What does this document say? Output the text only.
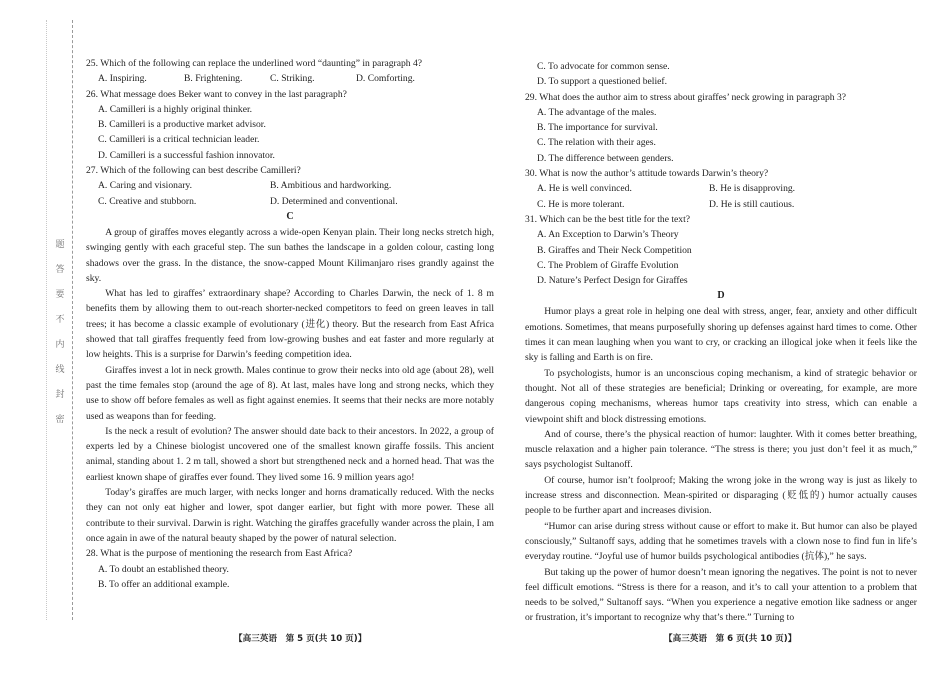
题
答
要
不
内
线
封
密
25. Which of the following can replace the underlined word “daunting” in paragraph 4?
A. Inspiring.	B. Frightening.	C. Striking.	D. Comforting.
26. What message does Beker want to convey in the last paragraph?
A. Camilleri is a highly original thinker.
B. Camilleri is a productive market advisor.
C. Camilleri is a critical technician leader.
D. Camilleri is a successful fashion innovator.
27. Which of the following can best describe Camilleri?
A. Caring and visionary.	B. Ambitious and hardworking.
C. Creative and stubborn.	D. Determined and conventional.
C
A group of giraffes moves elegantly across a wide-open Kenyan plain. Their long necks stretch high, swinging gently with each graceful step. The sun bathes the landscape in a golden colour, casting long shadows over the grass. In the distance, the snow-capped Mount Kilimanjaro rises grandly against the sky.
What has led to giraffes’ extraordinary shape? According to Charles Darwin, the neck of 1. 8 m benefits them by allowing them to out-reach shorter-necked competitors to feed on green leaves in tall trees; it has become a classic example of evolutionary (进化) theory. But the research from East Africa showed that tall giraffes frequently feed from low-growing bushes and eat faster and more regularly at low heights. This is a surprise for Darwin’s feeding competition idea.
Giraffes invest a lot in neck growth. Males continue to grow their necks into old age (about 28), well past the time females stop (around the age of 8). At last, males have long and strong necks, which they use to show off before females as well as fight against enemies. It seems that their necks are more notably used as weapons than for feeding.
Is the neck a result of evolution? The answer should date back to their ancestors. In 2022, a group of experts led by a Chinese biologist uncovered one of the smallest known giraffe fossils. This ancient animal, standing about 1. 2 m tall, showed a short but strengthened neck and a horned head. That was the earliest known shape of giraffes ever found. They lived some 16. 9 million years ago!
Today’s giraffes are much larger, with necks longer and horns dramatically reduced. With the necks they can not only eat higher and lower, spot danger earlier, but fight with more power. These all contribute to their survival. Darwin is right. Watching the giraffes gracefully wander across the plain, I am once again in awe of the natural beauty shaped by the power of natural selection.
28. What is the purpose of mentioning the research from East Africa?
A. To doubt an established theory.
B. To offer an additional example.
【高三英语　第 5 页(共 10 页)】
C. To advocate for common sense.
D. To support a questioned belief.
29. What does the author aim to stress about giraffes’ neck growing in paragraph 3?
A. The advantage of the males.
B. The importance for survival.
C. The relation with their ages.
D. The difference between genders.
30. What is now the author’s attitude towards Darwin’s theory?
A. He is well convinced.	B. He is disapproving.
C. He is more tolerant.	D. He is still cautious.
31. Which can be the best title for the text?
A. An Exception to Darwin’s Theory
B. Giraffes and Their Neck Competition
C. The Problem of Giraffe Evolution
D. Nature’s Perfect Design for Giraffes
D
Humor plays a great role in helping one deal with stress, anger, fear, anxiety and other difficult emotions. Sometimes, that means purposefully shoring up defenses against hard times to come. Other times it can mean laughing when you want to cry, or cracking an illogical joke when it feels like the sky is falling and Earth is on fire.
To psychologists, humor is an unconscious coping mechanism, a kind of strategic behavior or thought. Not all of these strategies are beneficial; Drinking or overeating, for example, are more dangerous coping mechanisms, whereas humor taps creativity into stress, which can enable a viewpoint shift and block distressing emotions.
And of course, there’s the physical reaction of humor: laughter. With it comes better breathing, muscle relaxation and a higher pain tolerance. “The stress is there; you just don’t feel it as much,” says psychologist Sultanoff.
Of course, humor isn’t foolproof; Making the wrong joke in the wrong way is just as likely to increase stress and disconnection. Mean-spirited or disparaging (贬低的) humor actually causes people to be further apart and increases division.
“Humor can arise during stress without cause or effort to make it. But humor can also be played consciously,” Sultanoff says, adding that he sometimes travels with a clown nose to find fun in life’s everyday routine. “Joyful use of humor builds psychological antibodies (抗体),” he says.
But taking up the power of humor doesn’t mean ignoring the negatives. The point is not to never feel difficult emotions. “Stress is there for a reason, and it’s to call your attention to a problem that needs to be solved,” Sultanoff says. “When you experience a negative emotion like sadness or anger or frustration, it’s important to recognize why that’s there.” Turning to
【高三英语　第 6 页(共 10 页)】
